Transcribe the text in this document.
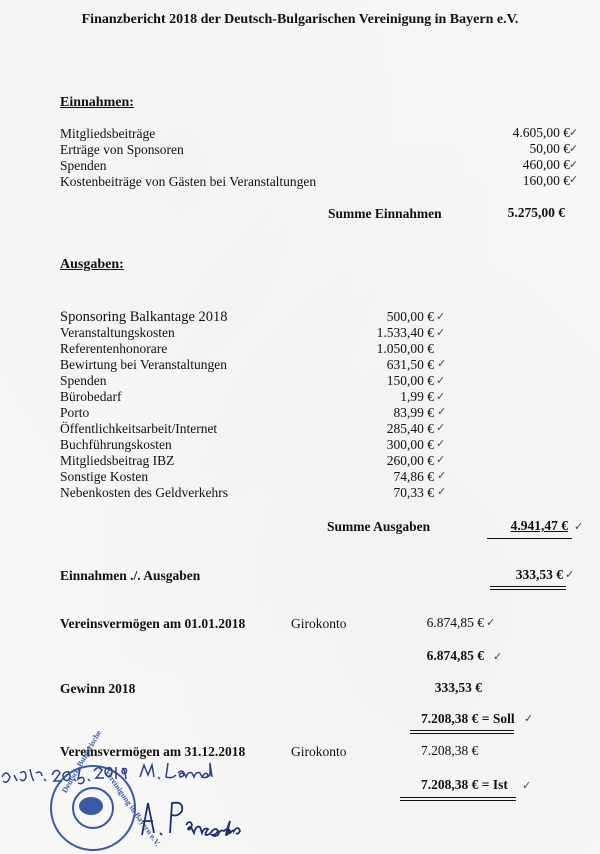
Finanzbericht 2018 der Deutsch-Bulgarischen Vereinigung in Bayern e.V.
Einnahmen:
Mitgliedsbeiträge	4.605,00 €
Erträge von Sponsoren	50,00 €
Spenden	460,00 €
Kostenbeiträge von Gästen bei Veranstaltungen	160,00 €
Summe Einnahmen	5.275,00 €
Ausgaben:
Sponsoring Balkantage 2018	500,00 €
Veranstaltungskosten	1.533,40 €
Referentenhonorare	1.050,00 €
Bewirtung bei Veranstaltungen	631,50 €
Spenden	150,00 €
Bürobedarf	1,99 €
Porto	83,99 €
Öffentlichkeitsarbeit/Internet	285,40 €
Buchführungskosten	300,00 €
Mitgliedsbeitrag IBZ	260,00 €
Sonstige Kosten	74,86 €
Nebenkosten des Geldverkehrs	70,33 €
✓
✓
✓
✓
✓
✓
✓
✓
✓
✓
✓
✓
✓
✓
✓
Summe Ausgaben	4.941,47 € ✓
Einnahmen ./. Ausgaben	333,53 € ✓
Vereinsvermögen am 01.01.2018	Girokonto	6.874,85 € ✓
6.874,85 € ✓
Gewinn 2018	333,53 €
7.208,38 € = Soll ✓
Vereinsvermögen am 31.12.2018	Girokonto	7.208,38 €
7.208,38 € = Ist ✓
Deutsch-Bulgarische
Vereinigung in Bayern e.V.
